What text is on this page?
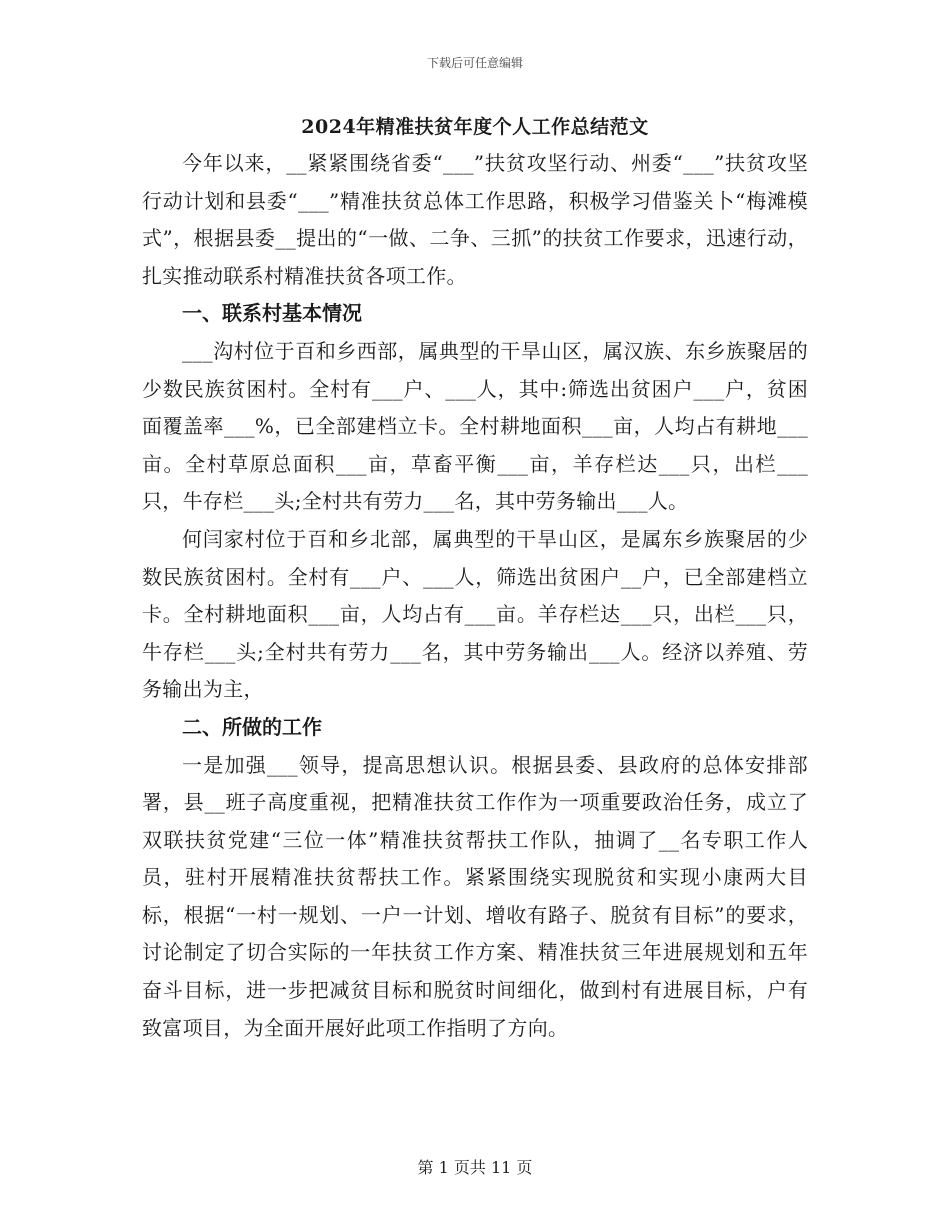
下载后可任意编辑
2024年精准扶贫年度个人工作总结范文

今年以来，__紧紧围绕省委“___”扶贫攻坚行动、州委“___”扶贫攻坚行动计划和县委“___”精准扶贫总体工作思路，积极学习借鉴关卜“梅滩模式”，根据县委__提出的“一做、二争、三抓”的扶贫工作要求，迅速行动，扎实推动联系村精准扶贫各项工作。

一、联系村基本情况

___沟村位于百和乡西部，属典型的干旱山区，属汉族、东乡族聚居的少数民族贫困村。全村有___户、___人，其中:筛选出贫困户___户，贫困面覆盖率___%，已全部建档立卡。全村耕地面积___亩，人均占有耕地___亩。全村草原总面积___亩，草畜平衡___亩，羊存栏达___只，出栏___只，牛存栏___头;全村共有劳力___名，其中劳务输出___人。

何闫家村位于百和乡北部，属典型的干旱山区，是属东乡族聚居的少数民族贫困村。全村有___户、___人，筛选出贫困户__户，已全部建档立卡。全村耕地面积___亩，人均占有___亩。羊存栏达___只，出栏___只，牛存栏___头;全村共有劳力___名，其中劳务输出___人。经济以养殖、劳务输出为主，

二、所做的工作

一是加强___领导，提高思想认识。根据县委、县政府的总体安排部署，县__班子高度重视，把精准扶贫工作作为一项重要政治任务，成立了双联扶贫党建“三位一体”精准扶贫帮扶工作队，抽调了__名专职工作人员，驻村开展精准扶贫帮扶工作。紧紧围绕实现脱贫和实现小康两大目标，根据“一村一规划、一户一计划、增收有路子、脱贫有目标”的要求，讨论制定了切合实际的一年扶贫工作方案、精准扶贫三年进展规划和五年奋斗目标，进一步把减贫目标和脱贫时间细化，做到村有进展目标，户有致富项目，为全面开展好此项工作指明了方向。

第 1 页共 11 页
